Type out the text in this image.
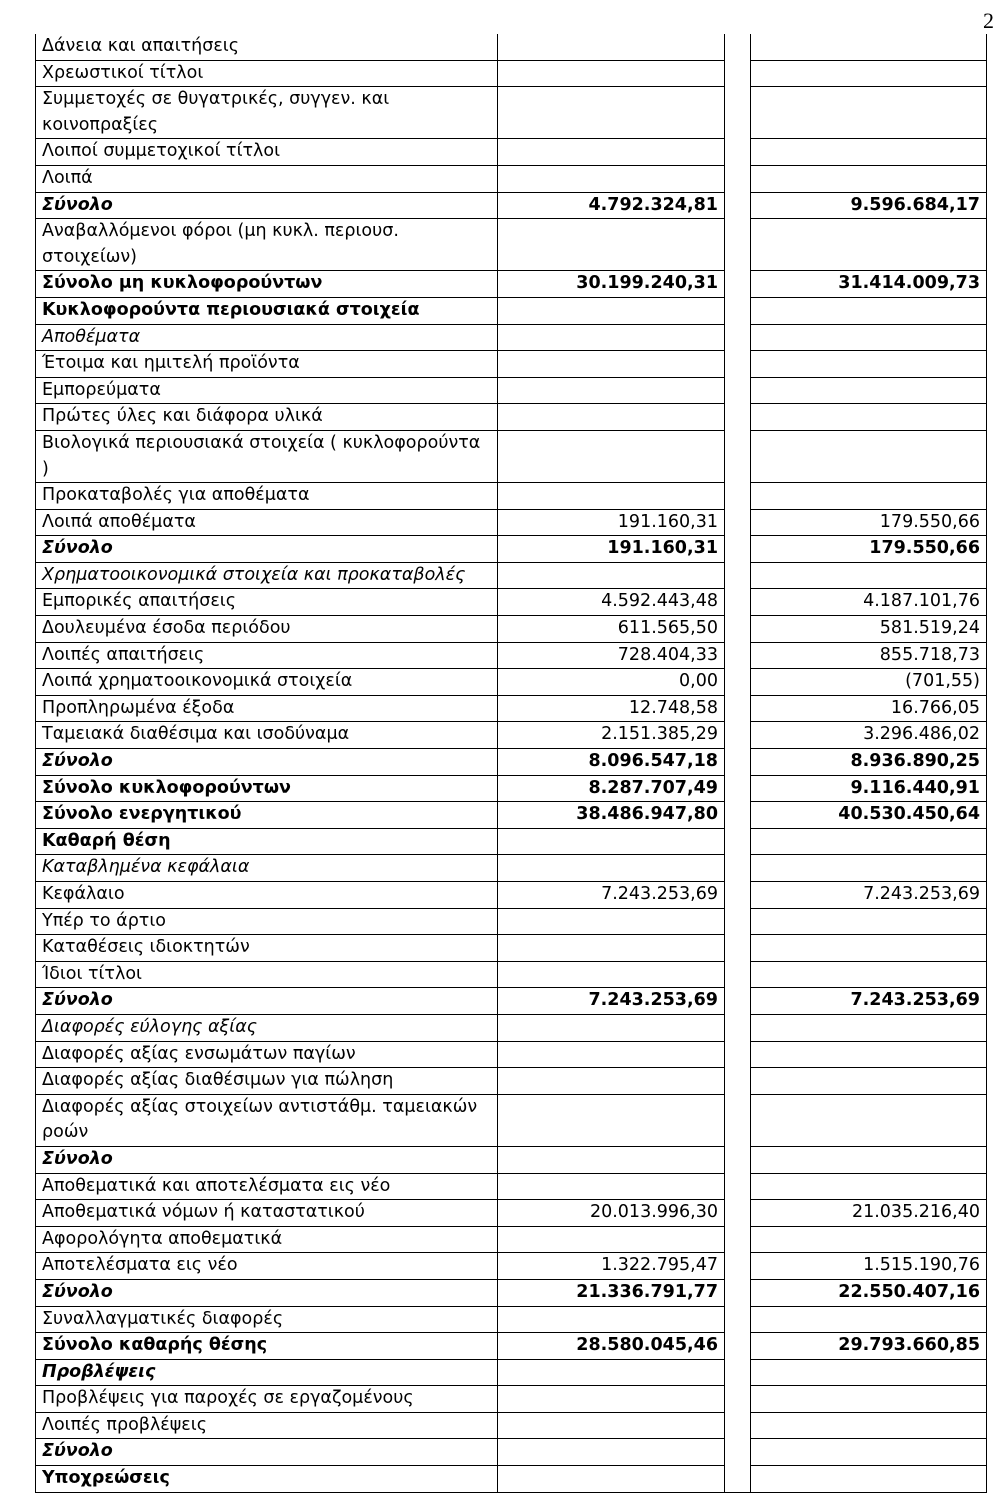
2
Δάνεια και απαιτήσεις			
Χρεωστικοί τίτλοι			
Συμμετοχές σε θυγατρικές, συγγεν. και κοινοπραξίες			
Λοιποί συμμετοχικοί τίτλοι			
Λοιπά			
Σύνολο	4.792.324,81		9.596.684,17
Αναβαλλόμενοι φόροι (μη κυκλ. περιουσ. στοιχείων)			
Σύνολο μη κυκλοφορούντων	30.199.240,31		31.414.009,73
Κυκλοφορούντα περιουσιακά στοιχεία			
Αποθέματα			
Έτοιμα και ημιτελή προϊόντα			
Εμπορεύματα			
Πρώτες ύλες και διάφορα υλικά			
Βιολογικά περιουσιακά στοιχεία ( κυκλοφορούντα )			
Προκαταβολές για αποθέματα			
Λοιπά αποθέματα	191.160,31		179.550,66
Σύνολο	191.160,31		179.550,66
Χρηματοοικονομικά στοιχεία και προκαταβολές			
Εμπορικές απαιτήσεις	4.592.443,48		4.187.101,76
Δουλευμένα έσοδα περιόδου	611.565,50		581.519,24
Λοιπές απαιτήσεις	728.404,33		855.718,73
Λοιπά χρηματοοικονομικά στοιχεία	0,00		(701,55)
Προπληρωμένα έξοδα	12.748,58		16.766,05
Ταμειακά διαθέσιμα και ισοδύναμα	2.151.385,29		3.296.486,02
Σύνολο	8.096.547,18		8.936.890,25
Σύνολο κυκλοφορούντων	8.287.707,49		9.116.440,91
Σύνολο ενεργητικού	38.486.947,80		40.530.450,64
Καθαρή θέση			
Καταβλημένα κεφάλαια			
Κεφάλαιο	7.243.253,69		7.243.253,69
Υπέρ το άρτιο			
Καταθέσεις ιδιοκτητών			
Ίδιοι τίτλοι			
Σύνολο	7.243.253,69		7.243.253,69
Διαφορές εύλογης αξίας			
Διαφορές αξίας ενσωμάτων παγίων			
Διαφορές αξίας διαθέσιμων για πώληση			
Διαφορές αξίας στοιχείων αντιστάθμ. ταμειακών ροών			
Σύνολο			
Αποθεματικά και αποτελέσματα εις νέο			
Αποθεματικά νόμων ή καταστατικού	20.013.996,30		21.035.216,40
Αφορολόγητα αποθεματικά			
Αποτελέσματα εις νέο	1.322.795,47		1.515.190,76
Σύνολο	21.336.791,77		22.550.407,16
Συναλλαγματικές διαφορές			
Σύνολο καθαρής θέσης	28.580.045,46		29.793.660,85
Προβλέψεις			
Προβλέψεις για παροχές σε εργαζομένους			
Λοιπές προβλέψεις			
Σύνολο			
Υποχρεώσεις			
